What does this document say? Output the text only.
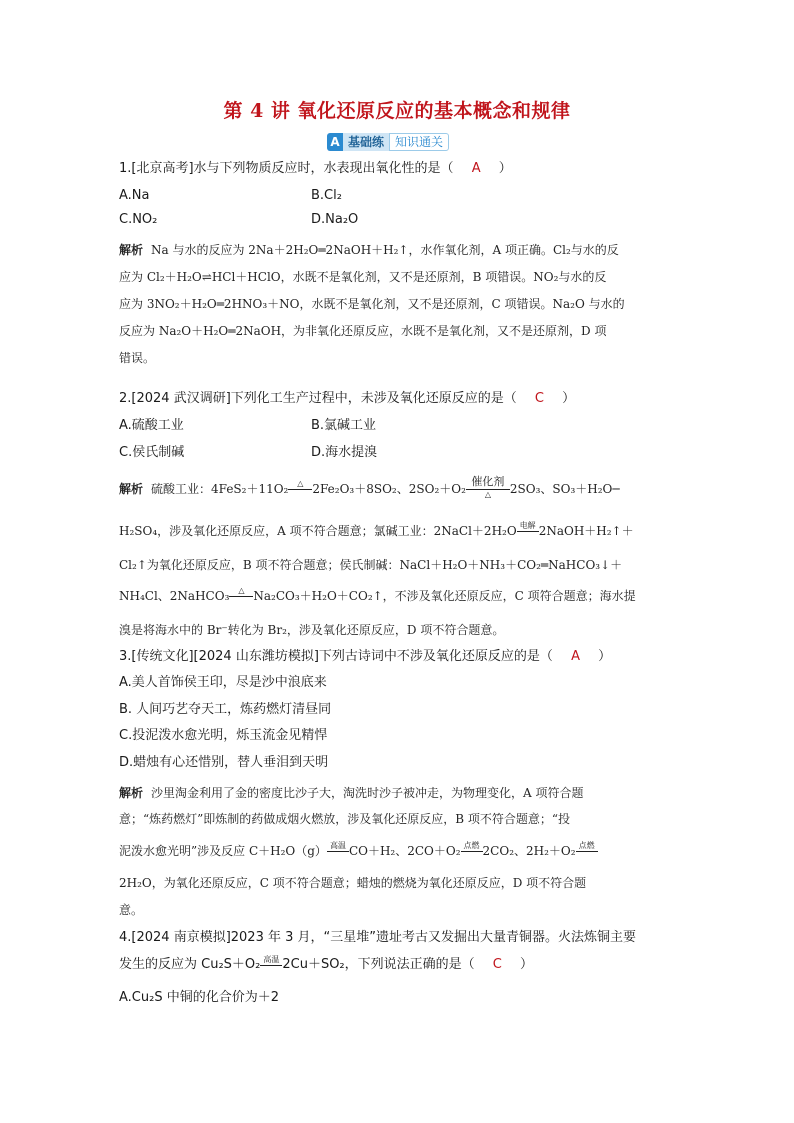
第 4 讲 氧化还原反应的基本概念和规律
A 基础练 知识通关
1.[北京高考]水与下列物质反应时，水表现出氧化性的是（ A ）
A.Na	B.Cl₂
C.NO₂	D.Na₂O
解析 Na 与水的反应为 2Na＋2H₂O═2NaOH＋H₂↑，水作氧化剂，A 项正确。Cl₂与水的反
应为 Cl₂＋H₂O⇌HCl＋HClO，水既不是氧化剂，又不是还原剂，B 项错误。NO₂与水的反
应为 3NO₂＋H₂O═2HNO₃＋NO，水既不是氧化剂，又不是还原剂，C 项错误。Na₂O 与水的
反应为 Na₂O＋H₂O═2NaOH，为非氧化还原反应，水既不是氧化剂，又不是还原剂，D 项
错误。
2.[2024 武汉调研]下列化工生产过程中，未涉及氧化还原反应的是（ C ）
A.硫酸工业	B.氯碱工业
C.侯氏制碱	D.海水提溴
解析 硫酸工业：4FeS₂＋11O₂	△
2Fe₂O₃＋8SO₂、2SO₂＋O₂
催化剂
△	2SO₃、SO₃＋H₂O─
H₂SO₄，涉及氧化还原反应，A 项不符合题意；氯碱工业：2NaCl＋2H₂O 电解
2NaOH＋H₂↑＋
Cl₂↑为氧化还原反应，B 项不符合题意；侯氏制碱：NaCl＋H₂O＋NH₃＋CO₂═NaHCO₃↓＋
NH₄Cl、2NaHCO₃	△
Na₂CO₃＋H₂O＋CO₂↑，不涉及氧化还原反应，C 项符合题意；海水提
溴是将海水中的 Br⁻转化为 Br₂，涉及氧化还原反应，D 项不符合题意。
3.[传统文化][2024 山东潍坊模拟]下列古诗词中不涉及氧化还原反应的是（ A ）
A.美人首饰侯王印，尽是沙中浪底来
B. 人间巧艺夺天工，炼药燃灯清昼同
C.投泥泼水愈光明，烁玉流金见精悍
D.蜡烛有心还惜别，替人垂泪到天明
解析 沙里淘金利用了金的密度比沙子大，淘洗时沙子被冲走，为物理变化，A 项符合题
意；“炼药燃灯”即炼制的药做成烟火燃放，涉及氧化还原反应，B 项不符合题意；“投
泥泼水愈光明”涉及反应 C＋H₂O（g） 高温
CO＋H₂、2CO＋O₂ 点燃
2CO₂、2H₂＋O₂ 点燃

2H₂O，为氧化还原反应，C 项不符合题意；蜡烛的燃烧为氧化还原反应，D 项不符合题
意。
4.[2024 南京模拟]2023 年 3 月，“三星堆”遗址考古又发掘出大量青铜器。火法炼铜主要
发生的反应为 Cu₂S＋O₂ 高温
2Cu＋SO₂，下列说法正确的是（ C ）
A.Cu₂S 中铜的化合价为＋2
